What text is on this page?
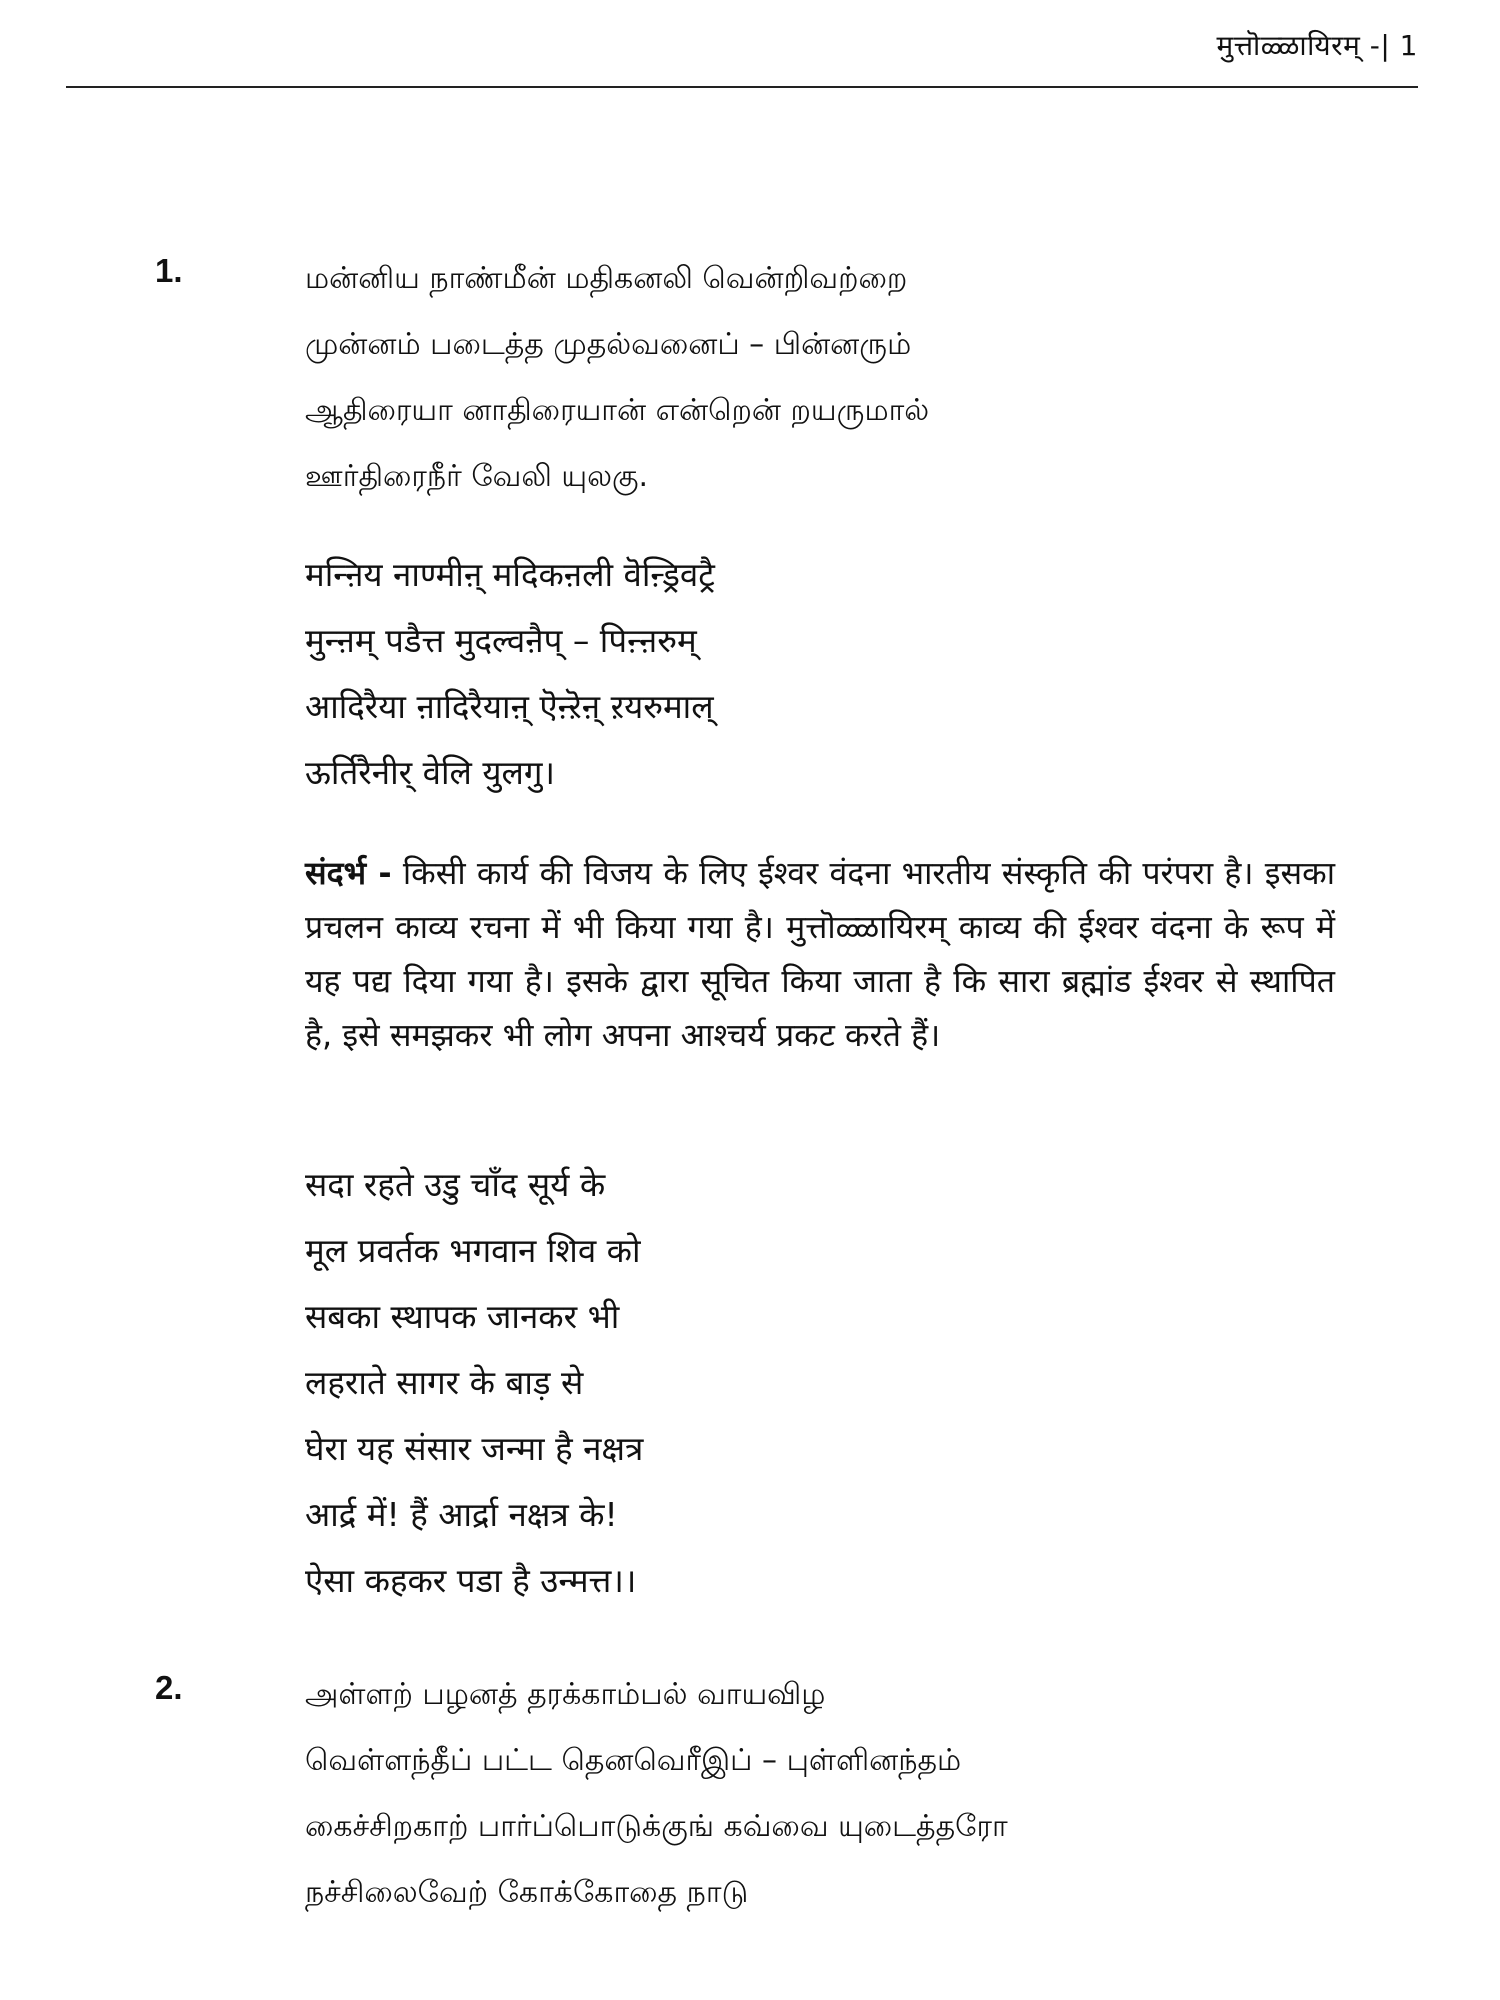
मुत्तॊळ्ळायिरम् -| 1
1.	மன்னிய நாண்மீன் மதிகனலி வென்றிவற்றை
முன்னம் படைத்த முதல்வனைப் – பின்னரும்
ஆதிரையா னாதிரையான் என்றென் றயருமால்
ஊர்திரைநீர் வேலி யுலகு.
मन्ऩिय नाण्मीऩ् मदिकऩली वॆऩ्ड्रिवट्रै
मुन्ऩम् पडैत्त मुदल्वऩैप् – पिऩ्ऩरुम्
आदिरैया ऩादिरैयाऩ् ऎऩ्ऱॆऩ् ऱयरुमाल्
ऊर्तिरैनीर् वेलि युलगु।
संदर्भ - किसी कार्य की विजय के लिए ईश्वर वंदना भारतीय संस्कृति की परंपरा है। इसका प्रचलन काव्य रचना में भी किया गया है। मुत्तॊळ्ळायिरम् काव्य की ईश्वर वंदना के रूप में यह पद्य दिया गया है। इसके द्वारा सूचित किया जाता है कि सारा ब्रह्मांड ईश्वर से स्थापित है, इसे समझकर भी लोग अपना आश्चर्य प्रकट करते हैं।
सदा रहते उडु चाँद सूर्य के
मूल प्रवर्तक भगवान शिव को
सबका स्थापक जानकर भी
लहराते सागर के बाड़ से
घेरा यह संसार जन्मा है नक्षत्र
आर्द्र में! हैं आर्द्रा नक्षत्र के!
ऐसा कहकर पडा है उन्मत्त।।
2.	அள்ளற் பழனத் தரக்காம்பல் வாயவிழ
வெள்ளந்தீப் பட்ட தெனவெரீஇப் – புள்ளினந்தம்
கைச்சிறகாற் பார்ப்பொடுக்குங் கவ்வை யுடைத்தரோ
நச்சிலைவேற் கோக்கோதை நாடு
